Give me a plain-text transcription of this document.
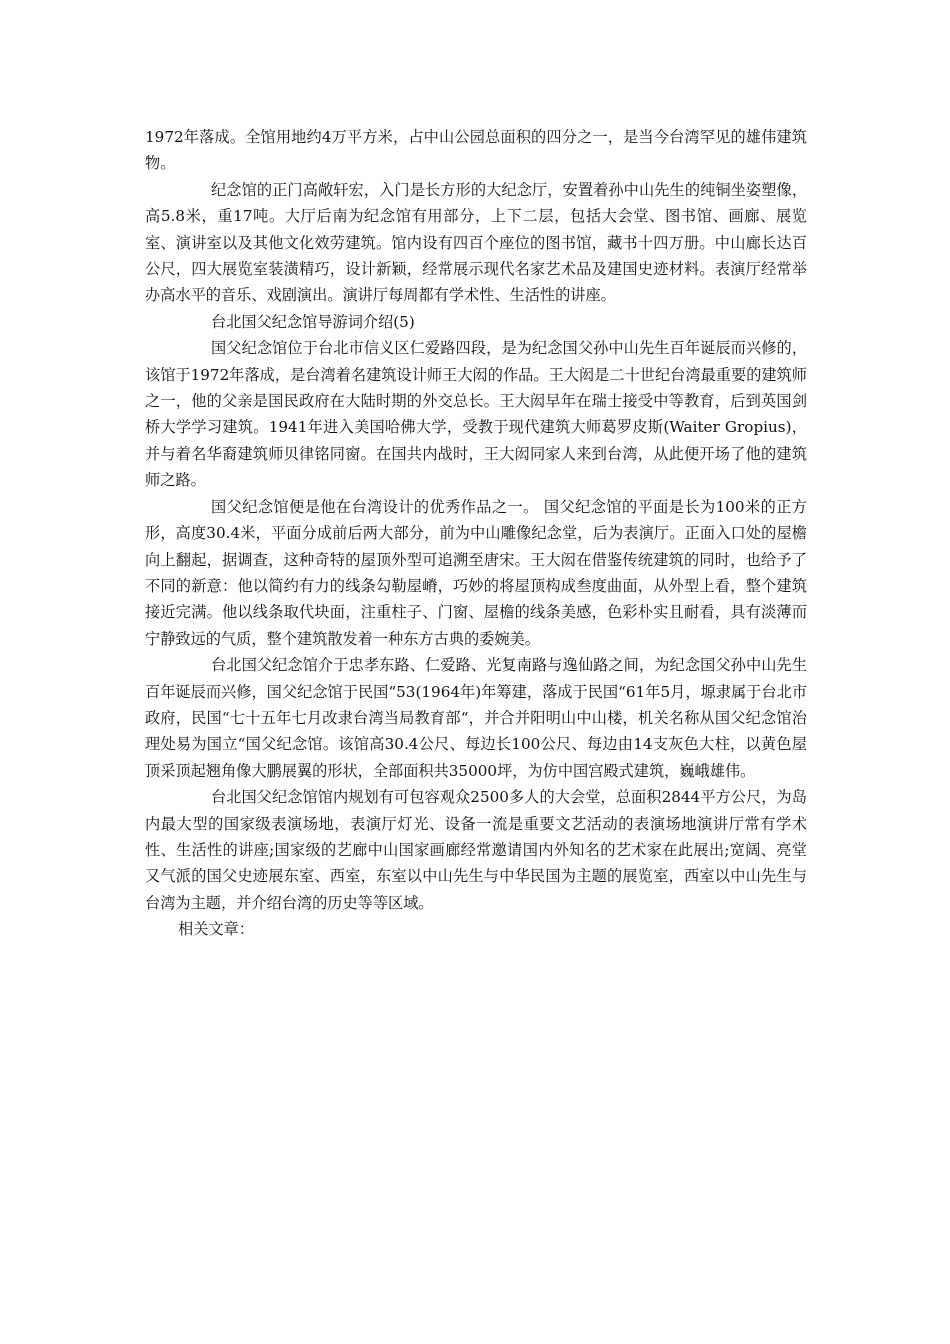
1972年落成。全馆用地约4万平方米，占中山公园总面积的四分之一，是当今台湾罕见的雄伟建筑物。

纪念馆的正门高敞轩宏，入门是长方形的大纪念厅，安置着孙中山先生的纯铜坐姿塑像，高5.8米，重17吨。大厅后南为纪念馆有用部分，上下二层，包括大会堂、图书馆、画廊、展览室、演讲室以及其他文化效劳建筑。馆内设有四百个座位的图书馆，藏书十四万册。中山廊长达百公尺，四大展览室装潢精巧，设计新颖，经常展示现代名家艺术品及建国史迹材料。表演厅经常举办高水平的音乐、戏剧演出。演讲厅每周都有学术性、生活性的讲座。

台北国父纪念馆导游词介绍(5)

国父纪念馆位于台北市信义区仁爱路四段，是为纪念国父孙中山先生百年诞辰而兴修的，该馆于1972年落成，是台湾着名建筑设计师王大闳的作品。王大闳是二十世纪台湾最重要的建筑师之一，他的父亲是国民政府在大陆时期的外交总长。王大闳早年在瑞士接受中等教育，后到英国剑桥大学学习建筑。1941年进入美国哈佛大学，受教于现代建筑大师葛罗皮斯(Waiter Gropius)，并与着名华裔建筑师贝律铭同窗。在国共内战时，王大闳同家人来到台湾，从此便开场了他的建筑师之路。

国父纪念馆便是他在台湾设计的优秀作品之一。 国父纪念馆的平面是长为100米的正方形，高度30.4米，平面分成前后两大部分，前为中山雕像纪念堂，后为表演厅。正面入口处的屋檐向上翻起，据调查，这种奇特的屋顶外型可追溯至唐宋。王大闳在借鉴传统建筑的同时，也给予了不同的新意：他以简约有力的线条勾勒屋嵴，巧妙的将屋顶构成叁度曲面，从外型上看，整个建筑接近完满。他以线条取代块面，注重柱子、门窗、屋檐的线条美感，色彩朴实且耐看，具有淡薄而宁静致远的气质，整个建筑散发着一种东方古典的委婉美。

台北国父纪念馆介于忠孝东路、仁爱路、光复南路与逸仙路之间，为纪念国父孙中山先生百年诞辰而兴修，国父纪念馆于民国“53(1964年)年筹建，落成于民国“61年5月，塬隶属于台北市政府，民国“七十五年七月改隶台湾当局教育部“，并合并阳明山中山楼，机关名称从国父纪念馆治理处易为国立“国父纪念馆。该馆高30.4公尺、每边长100公尺、每边由14支灰色大柱，以黄色屋顶采顶起翘角像大鹏展翼的形状，全部面积共35000坪，为仿中国宫殿式建筑，巍峨雄伟。

台北国父纪念馆馆内规划有可包容观众2500多人的大会堂，总面积2844平方公尺，为岛内最大型的国家级表演场地，表演厅灯光、设备一流是重要文艺活动的表演场地演讲厅常有学术性、生活性的讲座;国家级的艺廊中山国家画廊经常邀请国内外知名的艺术家在此展出;宽阔、亮堂又气派的国父史迹展东室、西室，东室以中山先生与中华民国为主题的展览室，西室以中山先生与台湾为主题，并介绍台湾的历史等等区域。

相关文章：
